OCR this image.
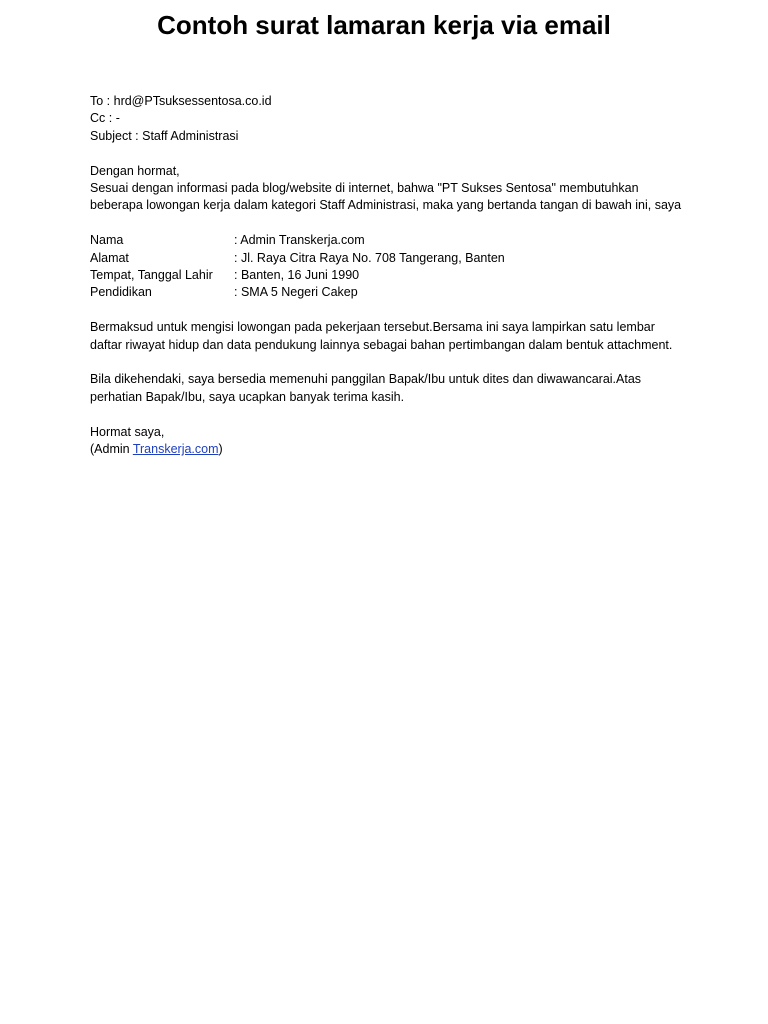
Contoh surat lamaran kerja via email

To : hrd@PTsuksessentosa.co.id

Cc : -

Subject : Staff Administrasi

Dengan hormat,

Sesuai dengan informasi pada blog/website di internet, bahwa "PT Sukses Sentosa" membutuhkan beberapa lowongan kerja dalam kategori Staff Administrasi, maka yang bertanda tangan di bawah ini, saya

Nama	: Admin Transkerja.com
Alamat	: Jl. Raya Citra Raya No. 708 Tangerang, Banten
Tempat, Tanggal Lahir	: Banten, 16 Juni 1990
Pendidikan	: SMA 5 Negeri Cakep

Bermaksud untuk mengisi lowongan pada pekerjaan tersebut.Bersama ini saya lampirkan satu lembar daftar riwayat hidup dan data pendukung lainnya sebagai bahan pertimbangan dalam bentuk attachment.

Bila dikehendaki, saya bersedia memenuhi panggilan Bapak/Ibu untuk dites dan diwawancarai.Atas perhatian Bapak/Ibu, saya ucapkan banyak terima kasih.

Hormat saya,

(Admin Transkerja.com)
